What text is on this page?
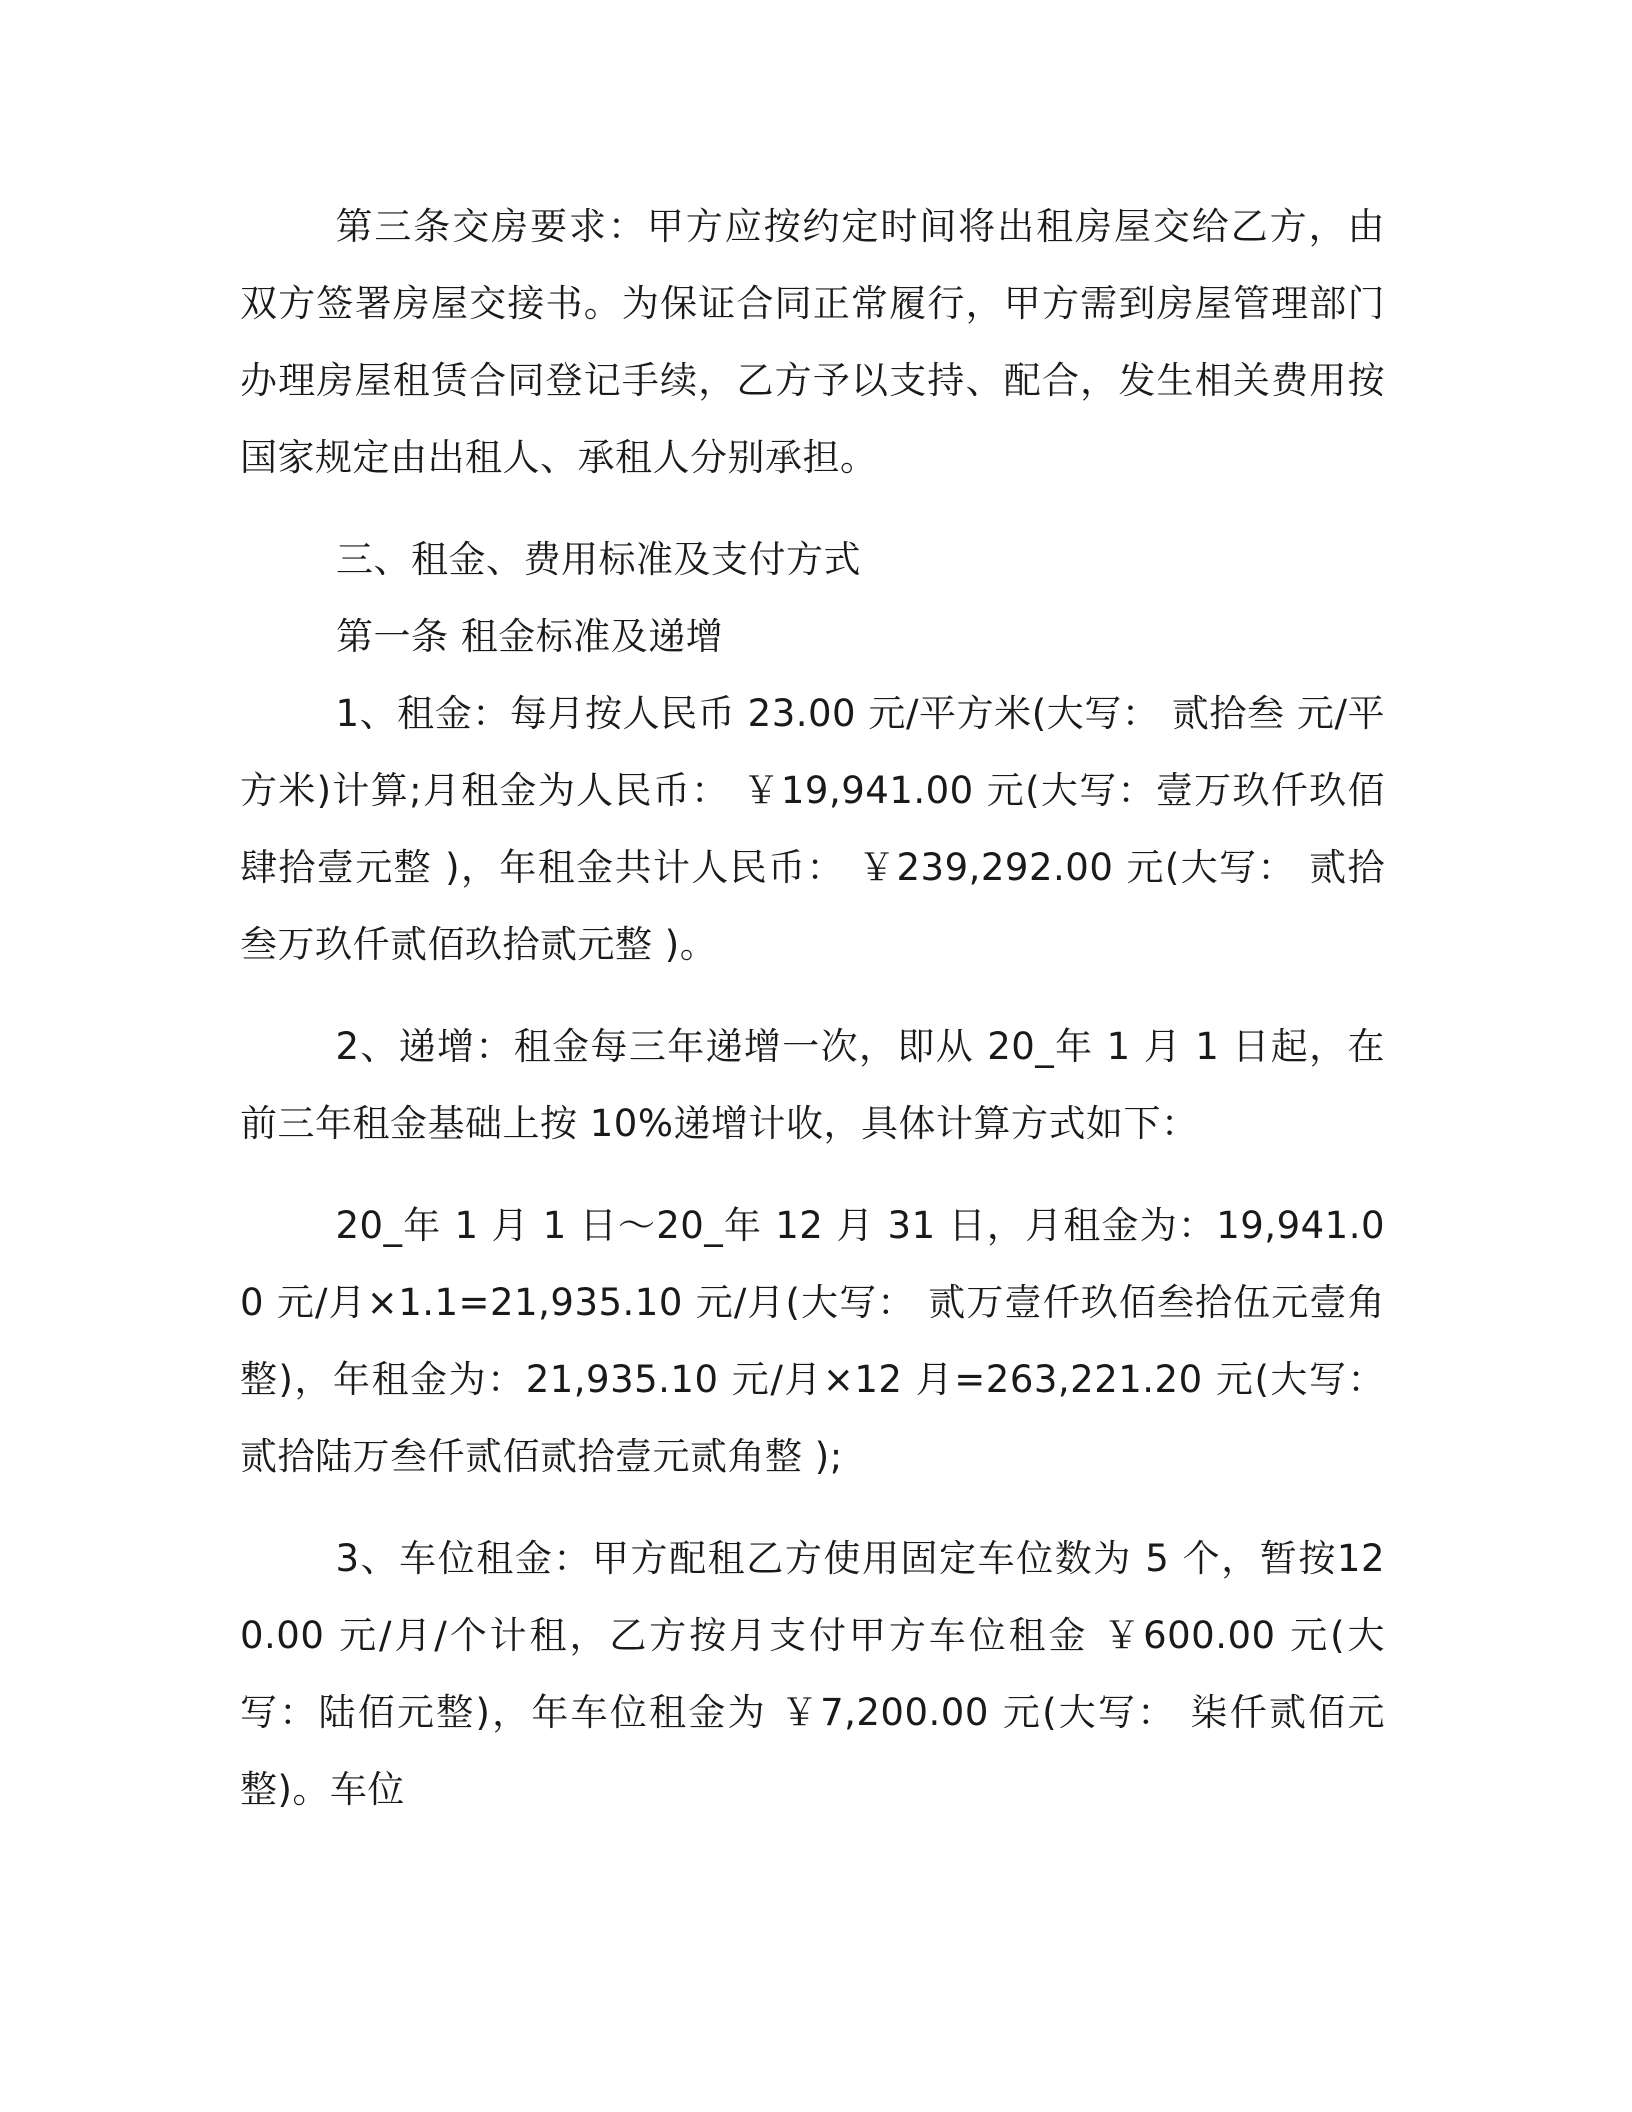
第三条交房要求：甲方应按约定时间将出租房屋交给乙方，由双方签署房屋交接书。为保证合同正常履行，甲方需到房屋管理部门办理房屋租赁合同登记手续，乙方予以支持、配合，发生相关费用按国家规定由出租人、承租人分别承担。

三、租金、费用标准及支付方式

第一条 租金标准及递增

1、租金：每月按人民币 23.00 元/平方米(大写： 贰拾叁 元/平方米)计算;月租金为人民币： ￥19,941.00 元(大写：壹万玖仟玖佰肆拾壹元整 )，年租金共计人民币： ￥239,292.00 元(大写： 贰拾叁万玖仟贰佰玖拾贰元整 )。

2、递增：租金每三年递增一次，即从 20_年 1 月 1 日起，在前三年租金基础上按 10%递增计收，具体计算方式如下：

20_年 1 月 1 日～20_年 12 月 31 日，月租金为：19,941.00 元/月×1.1=21,935.10 元/月(大写： 贰万壹仟玖佰叁拾伍元壹角整)，年租金为：21,935.10 元/月×12 月=263,221.20 元(大写： 贰拾陆万叁仟贰佰贰拾壹元贰角整 );

3、车位租金：甲方配租乙方使用固定车位数为 5 个，暂按120.00 元/月/个计租，乙方按月支付甲方车位租金 ￥600.00 元(大写：陆佰元整)，年车位租金为 ￥7,200.00 元(大写： 柒仟贰佰元整)。车位
